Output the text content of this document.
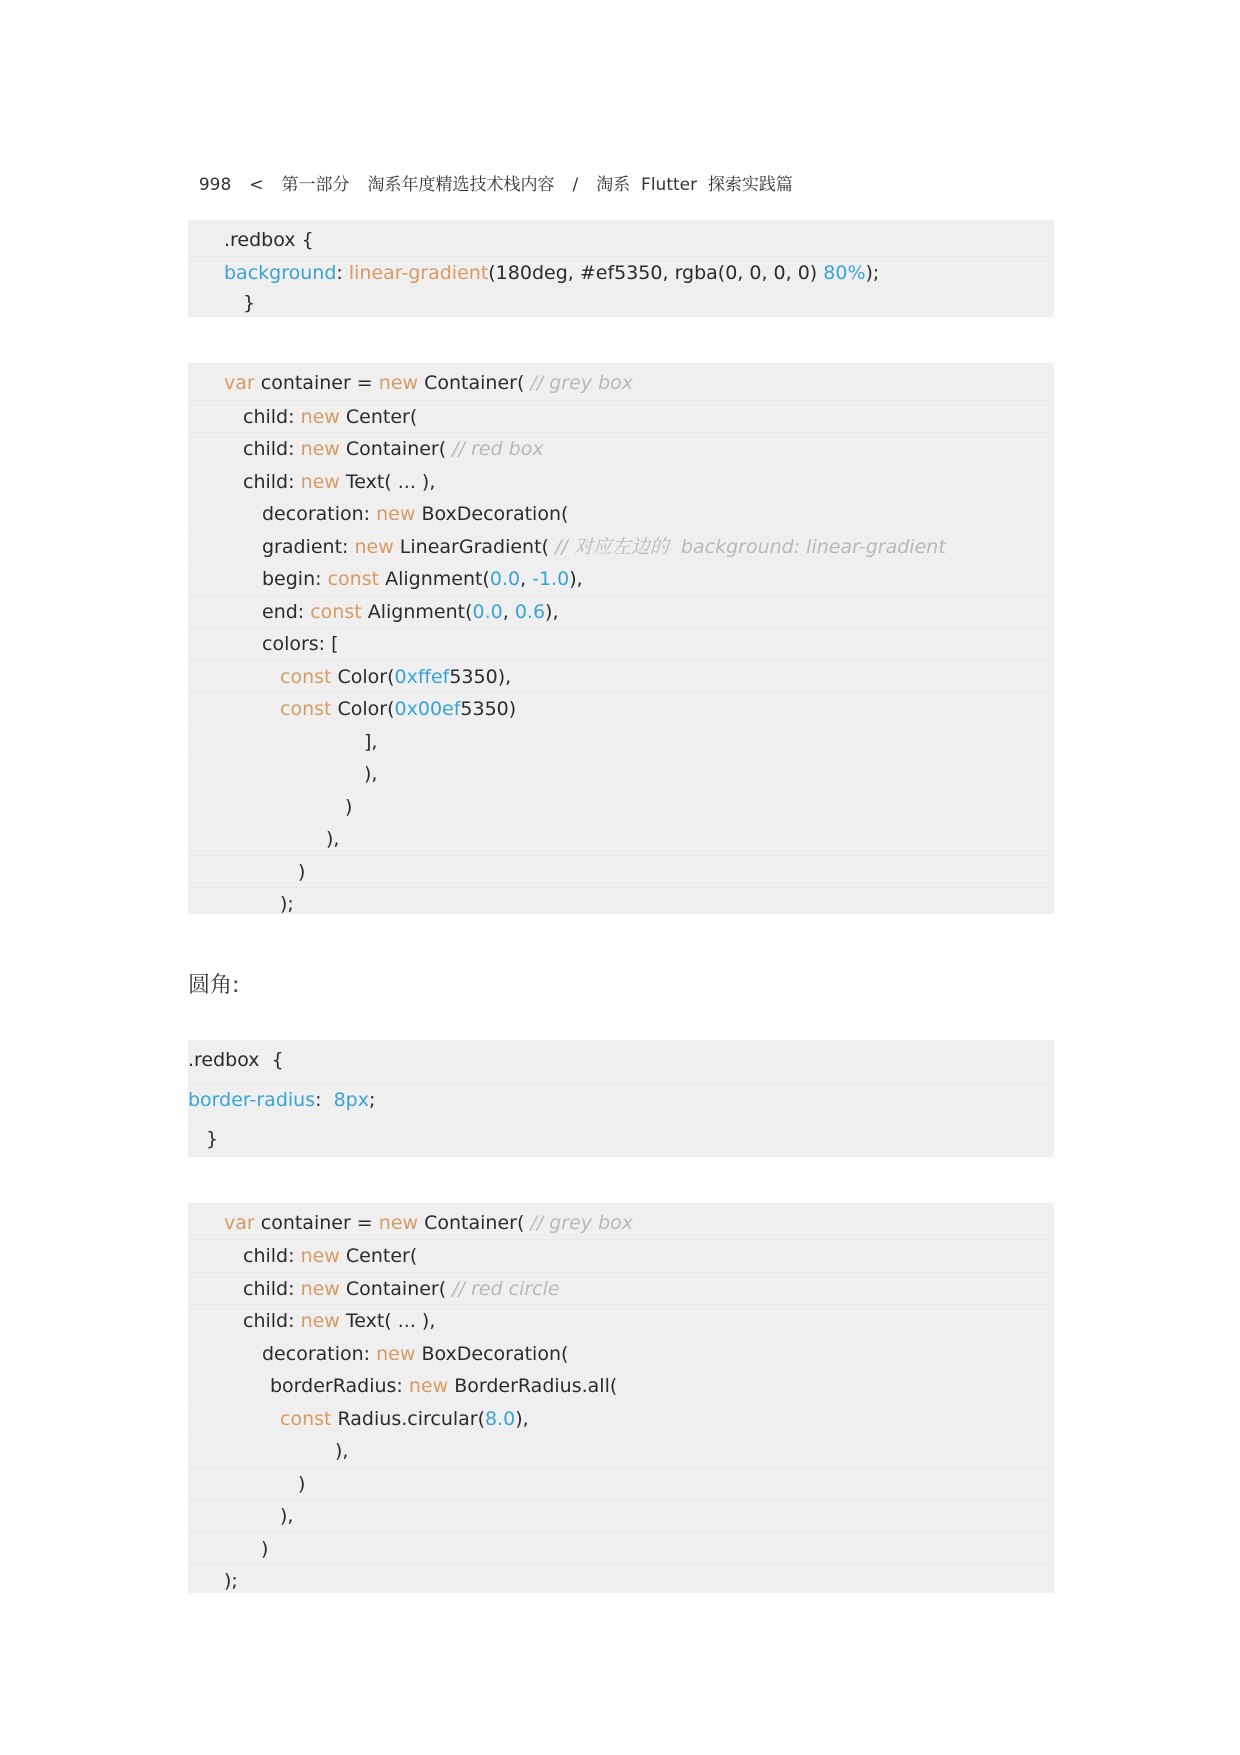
998 < 第一部分 淘系年度精选技术栈内容 / 淘系  Flutter  探索实践篇

.redbox {
background: linear-gradient(180deg, #ef5350, rgba(0, 0, 0, 0) 80%);
}
var container = new Container( // grey box
child: new Center(
child: new Container( // red box
child: new Text( ... ),
decoration: new BoxDecoration(
gradient: new LinearGradient( // 对应左边的  background: linear-gradient
begin: const Alignment(0.0, -1.0),
end: const Alignment(0.0, 0.6),
colors: [
const Color(0xffef5350),
const Color(0x00ef5350)
],
),
)
),
)
);
圆角:
.redbox  {
border-radius:  8px;
}
var container = new Container( // grey box
child: new Center(
child: new Container( // red circle
child: new Text( ... ),
decoration: new BoxDecoration(
borderRadius: new BorderRadius.all(
const Radius.circular(8.0),
),
)
),
)
);
